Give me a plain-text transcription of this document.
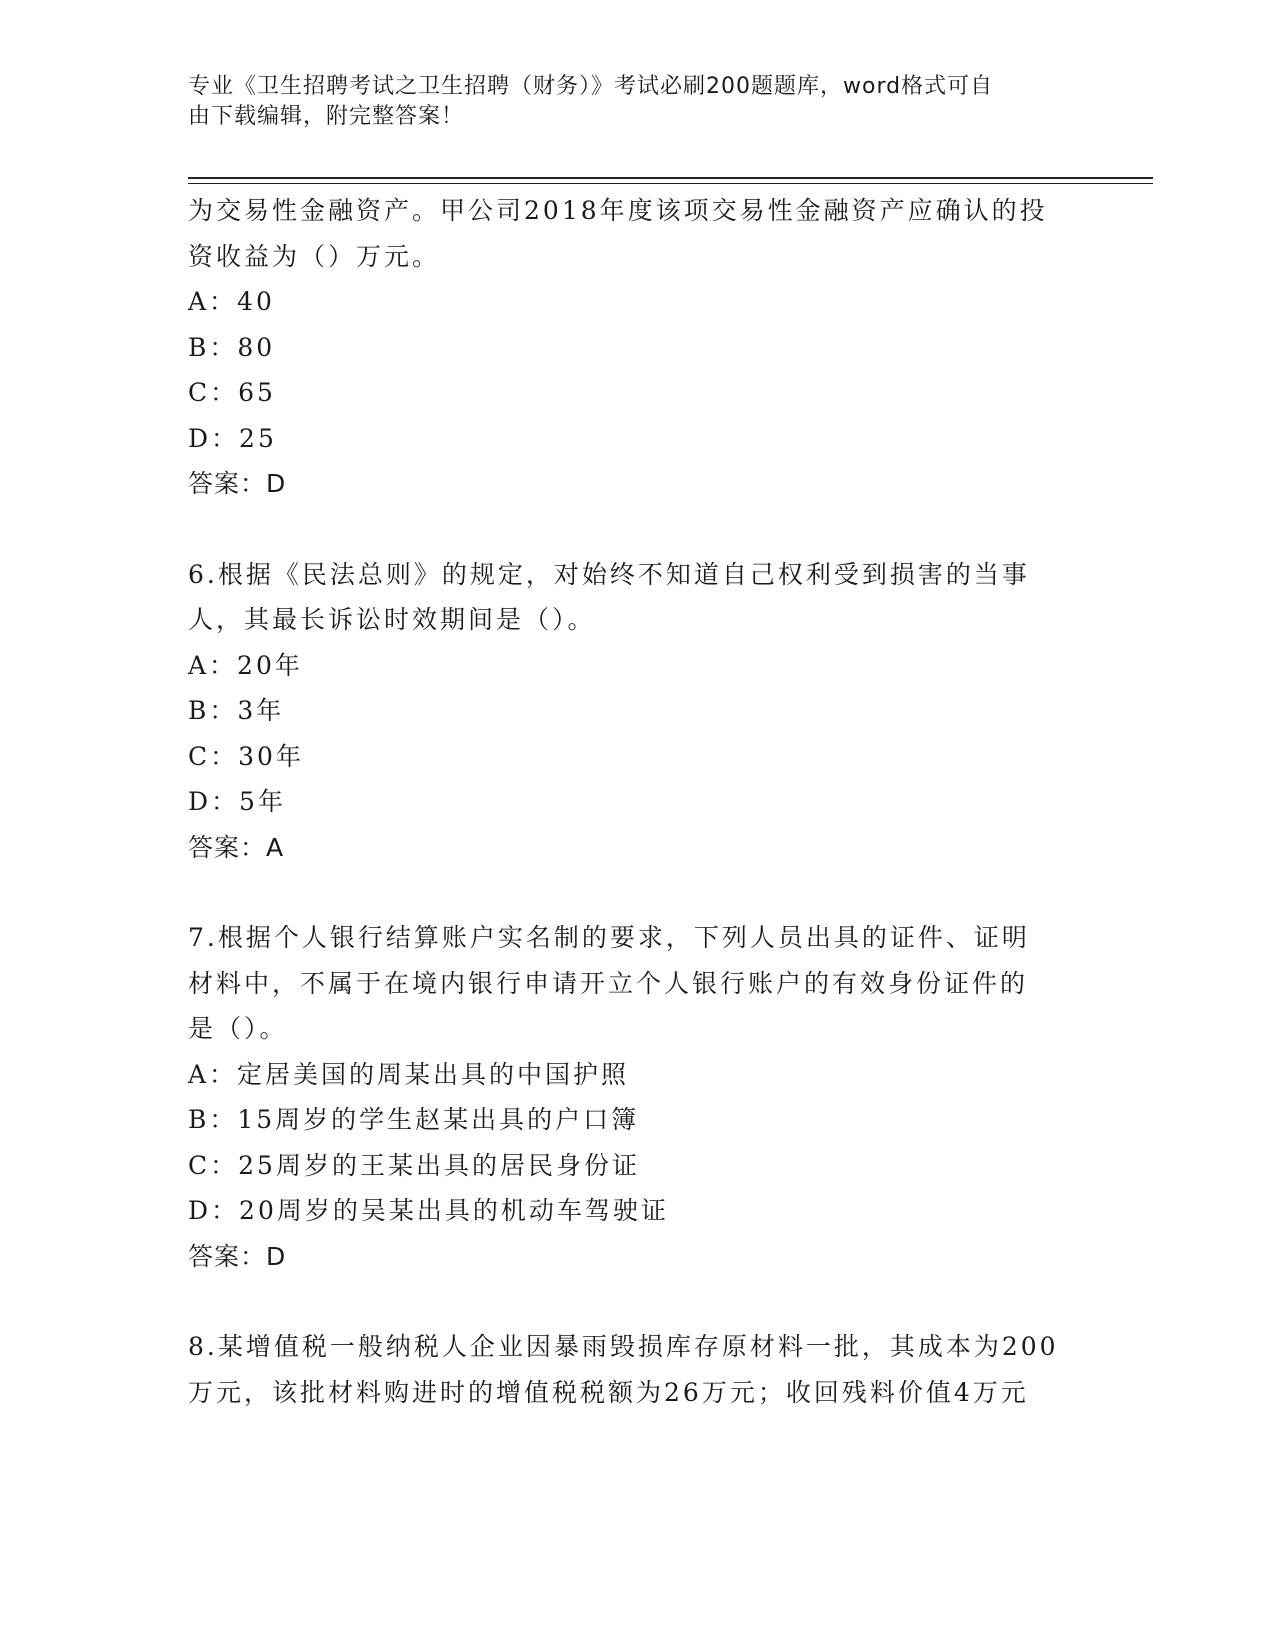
专业《卫生招聘考试之卫生招聘（财务）》考试必刷200题题库，word格式可自
由下载编辑，附完整答案！
为交易性金融资产。甲公司2018年度该项交易性金融资产应确认的投
资收益为（）万元。
A：40
B：80
C：65
D：25
答案：D
6.根据《民法总则》的规定，对始终不知道自己权利受到损害的当事
人，其最长诉讼时效期间是（）。
A：20年
B：3年
C：30年
D：5年
答案：A
7.根据个人银行结算账户实名制的要求，下列人员出具的证件、证明
材料中，不属于在境内银行申请开立个人银行账户的有效身份证件的
是（）。
A：定居美国的周某出具的中国护照
B：15周岁的学生赵某出具的户口簿
C：25周岁的王某出具的居民身份证
D：20周岁的吴某出具的机动车驾驶证
答案：D
8.某增值税一般纳税人企业因暴雨毁损库存原材料一批，其成本为200
万元，该批材料购进时的增值税税额为26万元；收回残料价值4万元
